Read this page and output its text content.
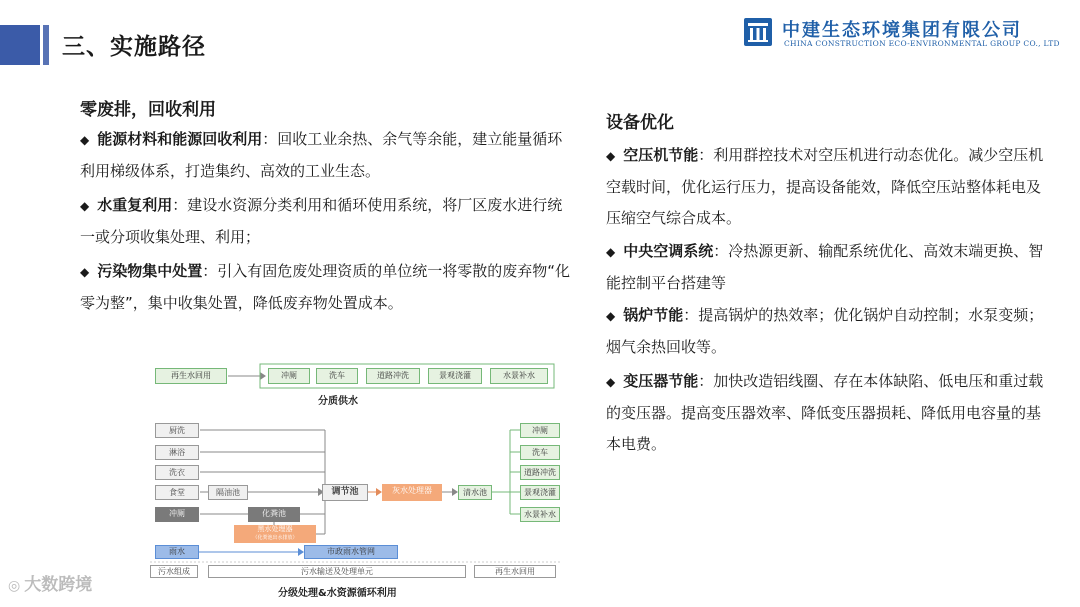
三、实施路径
中建生态环境集团有限公司
CHINA CONSTRUCTION ECO-ENVIRONMENTAL GROUP CO., LTD
零废排，回收利用
◆ 能源材料和能源回收利用：回收工业余热、余气等余能，建立能量循环利用梯级体系，打造集约、高效的工业生态。
◆ 水重复利用：建设水资源分类利用和循环使用系统，将厂区废水进行统一或分项收集处理、利用；
◆ 污染物集中处置：引入有固危废处理资质的单位统一将零散的废弃物“化零为整”，集中收集处置，降低废弃物处置成本。
设备优化
◆ 空压机节能：利用群控技术对空压机进行动态优化。减少空压机空载时间，优化运行压力，提高设备能效，降低空压站整体耗电及压缩空气综合成本。
◆ 中央空调系统：冷热源更新、输配系统优化、高效末端更换、智能控制平台搭建等
◆ 锅炉节能：提高锅炉的热效率；优化锅炉自动控制；水泵变频；烟气余热回收等。
◆ 变压器节能：加快改造铝线圈、存在本体缺陷、低电压和重过载的变压器。提高变压器效率、降低变压器损耗、降低用电容量的基本电费。
再生水回用	冲厕	洗车	道路冲洗	景观浇灌	水景补水
分质供水
厨洗
淋浴
洗衣
食堂
冲厕
雨水
隔油池
化粪池
黑水处理器
（化粪池出水排放）
调节池	灰水处理器	清水池
市政雨水管网
冲厕
洗车
道路冲洗
景观浇灌
水景补水
污水组成	污水输送及处理单元	再生水回用
分级处理&水资源循环利用
◎ 大数跨境
